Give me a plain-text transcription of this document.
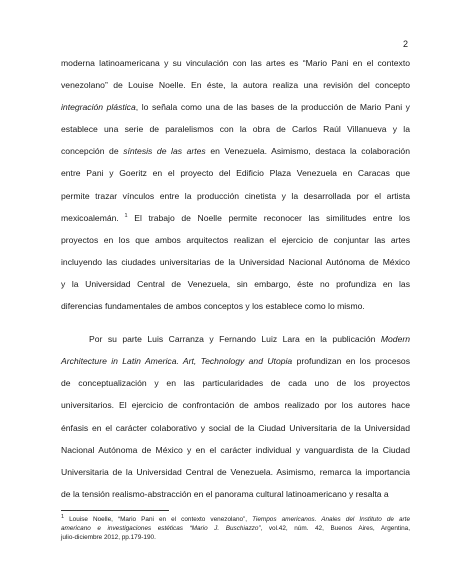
2
moderna latinoamericana y su vinculación con las artes es “Mario Pani en el contexto
venezolano” de Louise Noelle. En éste, la autora realiza una revisión del concepto
integración plástica, lo señala como una de las bases de la producción de Mario Pani y
establece una serie de paralelismos con la obra de Carlos Raúl Villanueva y la
concepción de síntesis de las artes en Venezuela. Asimismo, destaca la colaboración
entre Pani y Goeritz en el proyecto del Edificio Plaza Venezuela en Caracas que
permite trazar vínculos entre la producción cinetista y la desarrollada por el artista
mexicoalemán. $^1$ El trabajo de Noelle permite reconocer las similitudes entre los
proyectos en los que ambos arquitectos realizan el ejercicio de conjuntar las artes
incluyendo las ciudades universitarias de la Universidad Nacional Autónoma de México
y la Universidad Central de Venezuela, sin embargo, éste no profundiza en las
diferencias fundamentales de ambos conceptos y los establece como lo mismo.
Por su parte Luis Carranza y Fernando Luiz Lara en la publicación Modern
Architecture in Latin America. Art, Technology and Utopia profundizan en los procesos
de conceptualización y en las particularidades de cada uno de los proyectos
universitarios. El ejercicio de confrontación de ambos realizado por los autores hace
énfasis en el carácter colaborativo y social de la Ciudad Universitaria de la Universidad
Nacional Autónoma de México y en el carácter individual y vanguardista de la Ciudad
Universitaria de la Universidad Central de Venezuela. Asimismo, remarca la importancia
de la tensión realismo-abstracción en el panorama cultural latinoamericano y resalta a
1 Louise Noelle, “Mario Pani en el contexto venezolano”, Tiempos americanos. Anales del Instituto de arte
americano e investigaciones estéticas “Mario J. Buschiazzo”, vol.42, núm. 42, Buenos Aires, Argentina,
julio-diciembre 2012, pp.179-190.
